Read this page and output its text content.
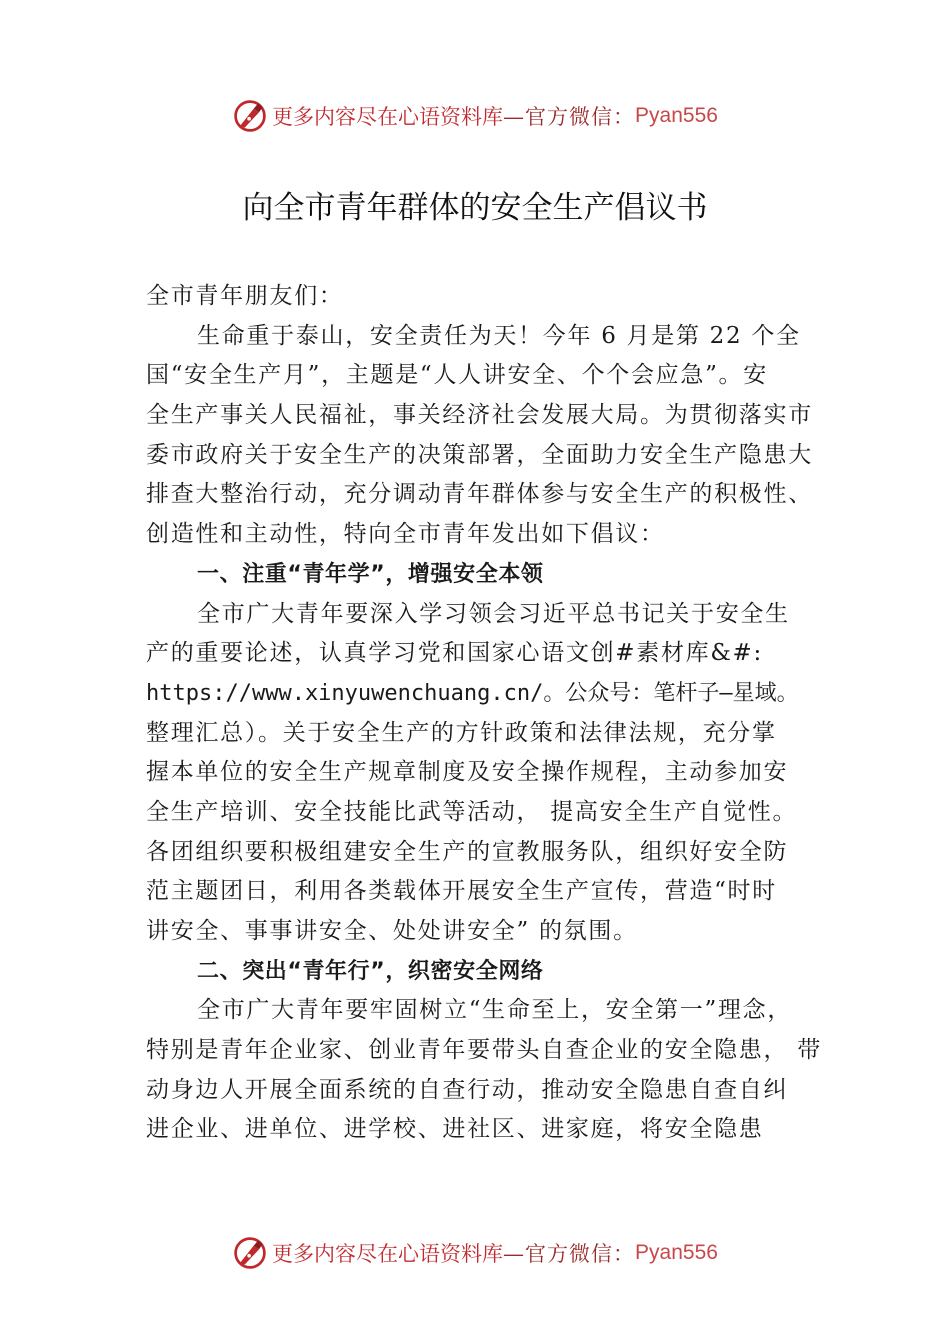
更多内容尽在心语资料库 —官方微信： Pyan556
向全市青年群体的安全生产倡议书
全市青年朋友们：
生命重于泰山，安全责任为天！今年 6 月是第 22 个全
国“安全生产月”，主题是“人人讲安全、个个会应急”。安
全生产事关人民福祉，事关经济社会发展大局。为贯彻落实市
委市政府关于安全生产的决策部署，全面助力安全生产隐患大
排查大整治行动，充分调动青年群体参与安全生产的积极性、
创造性和主动性，特向全市青年发出如下倡议：
一、注重“青年学”，增强安全本领
全市广大青年要深入学习领会习近平总书记关于安全生
产的重要论述，认真学习党和国家心语文创#素材库&#:
https://www.xinyuwenchuang.cn/。公众号：笔杆子—星域。
整理汇总）。关于安全生产的方针政策和法律法规，充分掌
握本单位的安全生产规章制度及安全操作规程，主动参加安
全生产培训、安全技能比武等活动， 提高安全生产自觉性。
各团组织要积极组建安全生产的宣教服务队，组织好安全防
范主题团日，利用各类载体开展安全生产宣传，营造“时时
讲安全、事事讲安全、处处讲安全” 的氛围。
二、突出“青年行”，织密安全网络
全市广大青年要牢固树立“生命至上，安全第一”理念，
特别是青年企业家、创业青年要带头自查企业的安全隐患， 带
动身边人开展全面系统的自查行动，推动安全隐患自查自纠
进企业、进单位、进学校、进社区、进家庭，将安全隐患
更多内容尽在心语资料库 —官方微信： Pyan556
